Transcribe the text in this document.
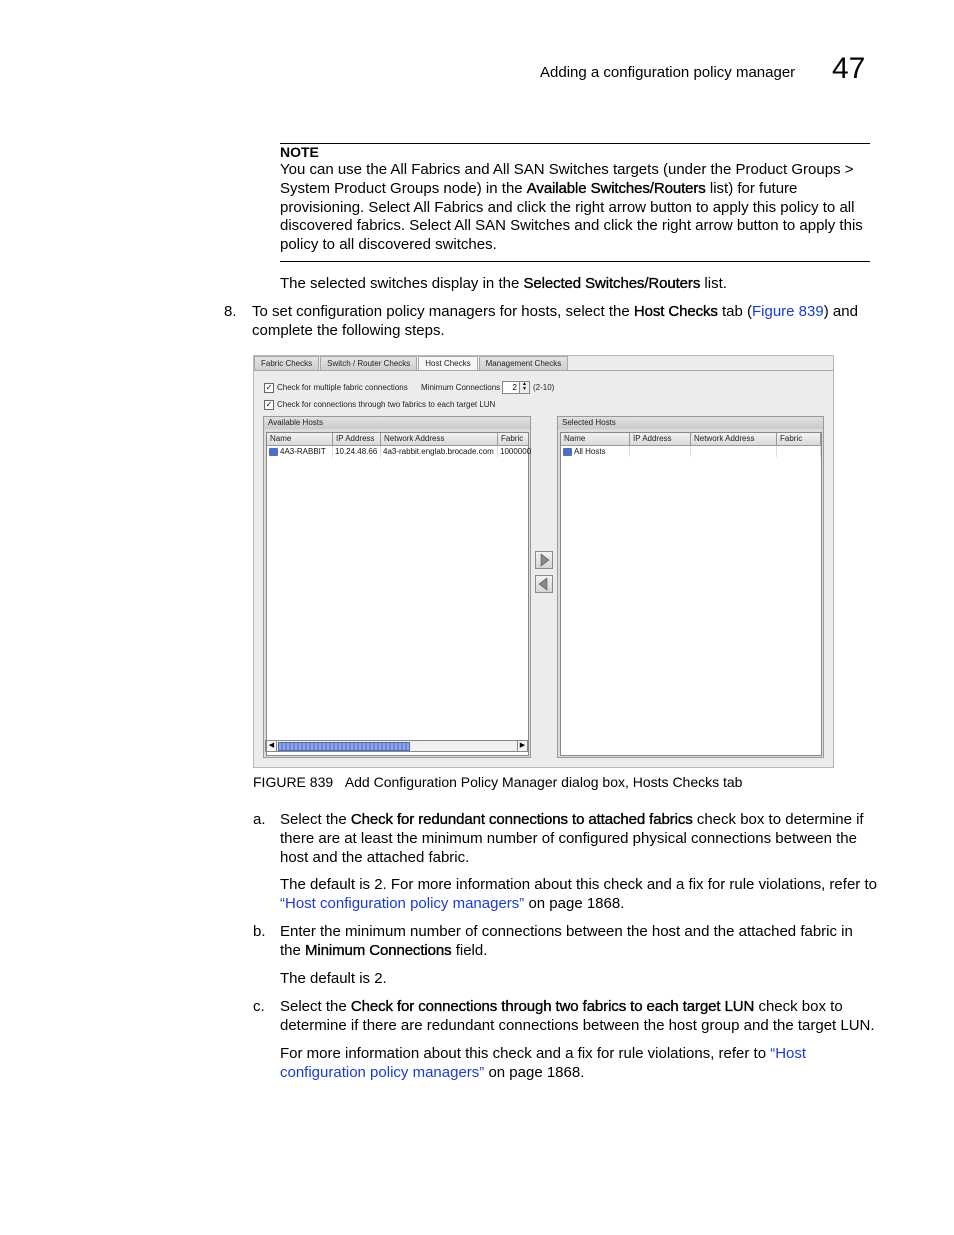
Adding a configuration policy manager 47
NOTE
You can use the All Fabrics and All SAN Switches targets (under the Product Groups >
System Product Groups node) in the Available Switches/Routers list) for future
provisioning. Select All Fabrics and click the right arrow button to apply this policy to all
discovered fabrics. Select All SAN Switches and click the right arrow button to apply this
policy to all discovered switches.
The selected switches display in the Selected Switches/Routers list.
8. To set configuration policy managers for hosts, select the Host Checks tab (Figure 839) and
complete the following steps.
Fabric Checks	Switch / Router Checks	Host Checks	Management Checks
✓ Check for multiple fabric connections Minimum Connections 2	▲
▼ (2-10)
✓ Check for connections through two fabrics to each target LUN
Available Hosts
Name	IP Address	Network Address	Fabric
4A3-RABBIT	10.24.48.66 4a3-rabbit.englab.brocade.com 1000000
◀	▶
Selected Hosts
Name	IP Address	Network Address	Fabric
All Hosts
FIGURE 839 Add Configuration Policy Manager dialog box, Hosts Checks tab
a. Select the Check for redundant connections to attached fabrics check box to determine if
there are at least the minimum number of configured physical connections between the
host and the attached fabric.
The default is 2. For more information about this check and a fix for rule violations, refer to
“Host configuration policy managers” on page 1868.
b. Enter the minimum number of connections between the host and the attached fabric in
the Minimum Connections field.
The default is 2.
c. Select the Check for connections through two fabrics to each target LUN check box to
determine if there are redundant connections between the host group and the target LUN.
For more information about this check and a fix for rule violations, refer to “Host
configuration policy managers” on page 1868.
